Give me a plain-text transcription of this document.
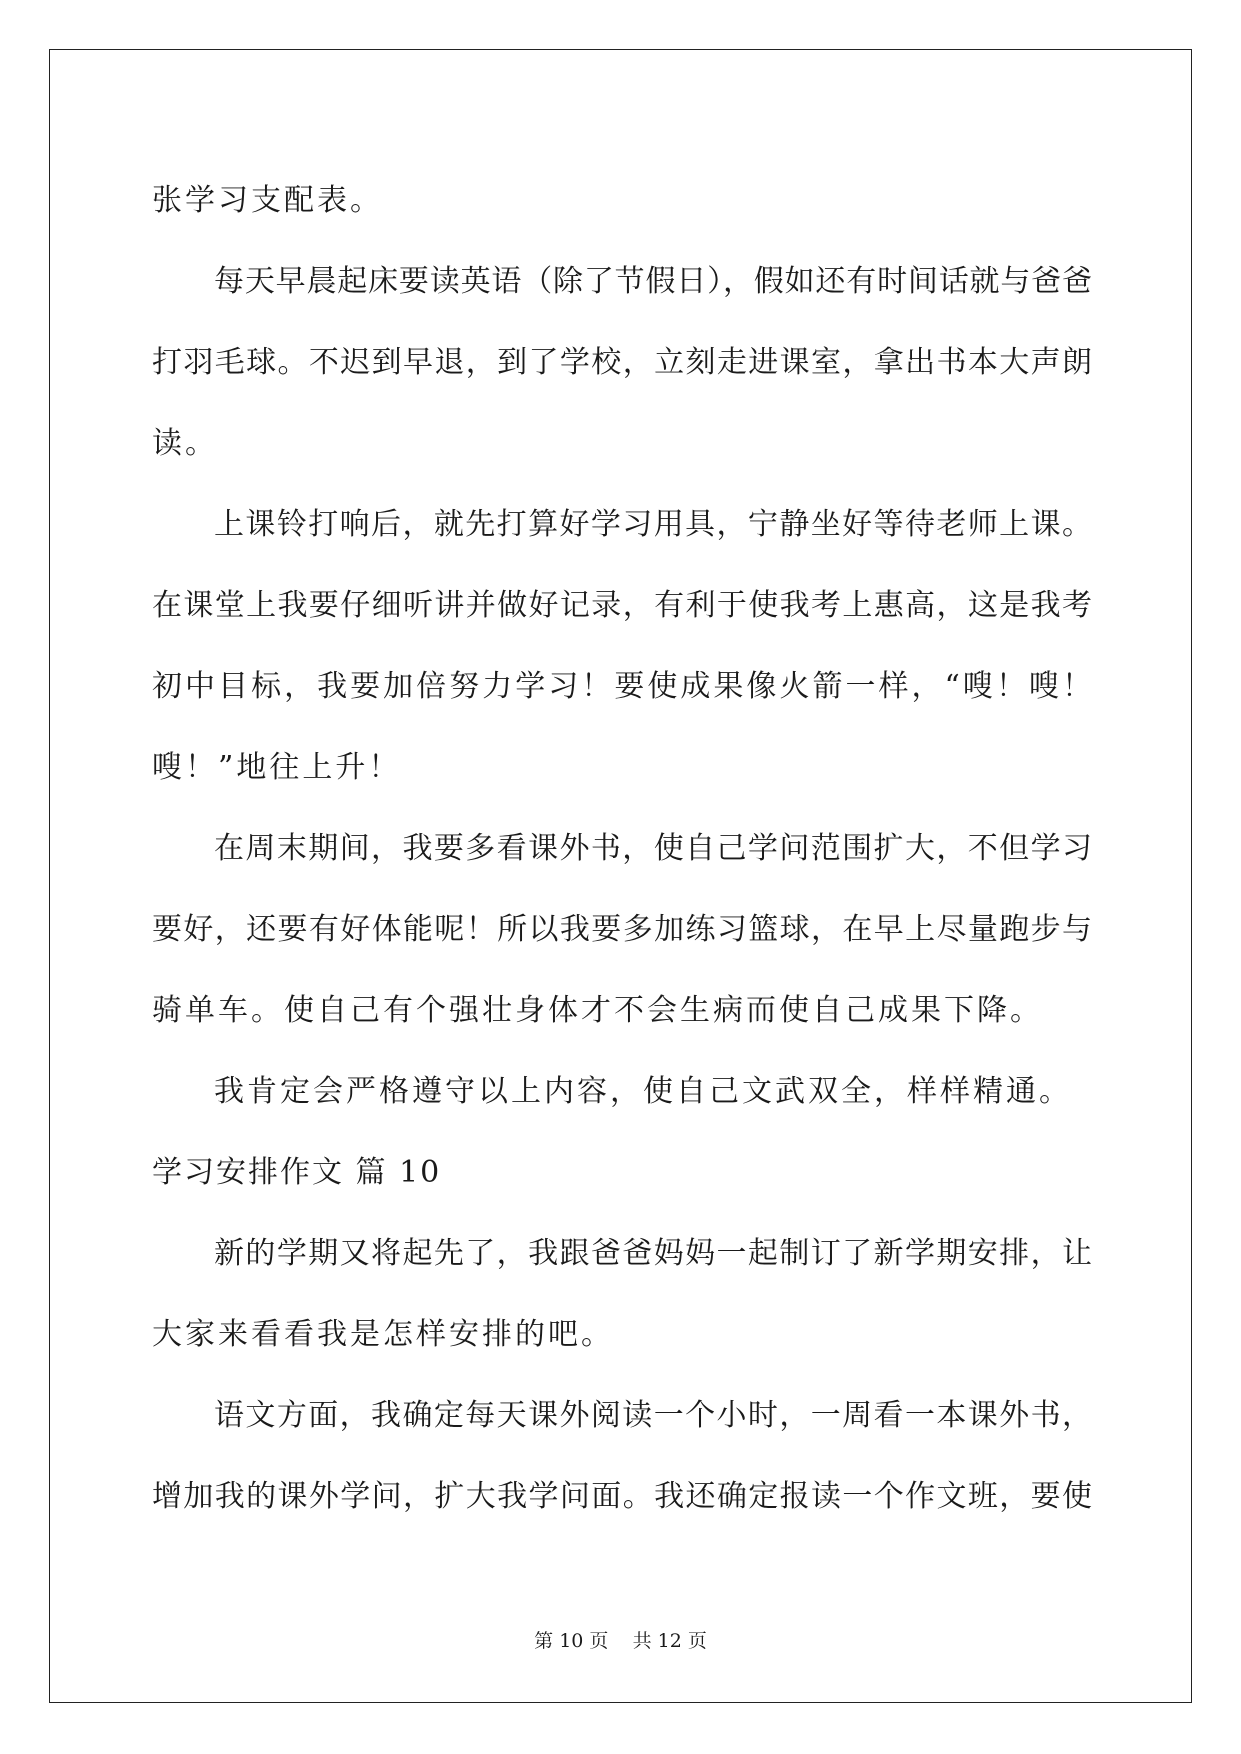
张学习支配表。
每天早晨起床要读英语（除了节假日），假如还有时间话就与爸爸
打羽毛球。不迟到早退，到了学校，立刻走进课室，拿出书本大声朗
读。
上课铃打响后，就先打算好学习用具，宁静坐好等待老师上课。
在课堂上我要仔细听讲并做好记录，有利于使我考上惠高，这是我考
初中目标，我要加倍努力学习！要使成果像火箭一样，“嗖！嗖！
嗖！”地往上升！
在周末期间，我要多看课外书，使自己学问范围扩大，不但学习
要好，还要有好体能呢！所以我要多加练习篮球，在早上尽量跑步与
骑单车。使自己有个强壮身体才不会生病而使自己成果下降。
我肯定会严格遵守以上内容，使自己文武双全，样样精通。
学习安排作文 篇 10
新的学期又将起先了，我跟爸爸妈妈一起制订了新学期安排，让
大家来看看我是怎样安排的吧。
语文方面，我确定每天课外阅读一个小时，一周看一本课外书，
增加我的课外学问，扩大我学问面。我还确定报读一个作文班，要使
第 10 页    共 12 页
